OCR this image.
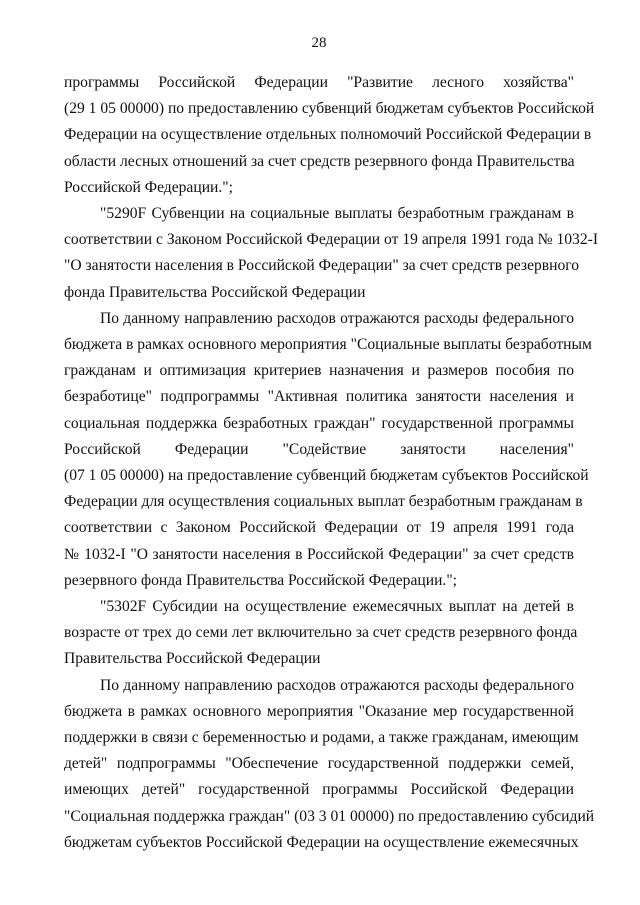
28

программы Российской Федерации "Развитие лесного хозяйства"
(29 1 05 00000) по предоставлению субвенций бюджетам субъектов Российской
Федерации на осуществление отдельных полномочий Российской Федерации в
области лесных отношений за счет средств резервного фонда Правительства
Российской Федерации.";

"5290F Субвенции на социальные выплаты безработным гражданам в
соответствии с Законом Российской Федерации от 19 апреля 1991 года № 1032-I
"О занятости населения в Российской Федерации" за счет средств резервного
фонда Правительства Российской Федерации

По данному направлению расходов отражаются расходы федерального
бюджета в рамках основного мероприятия "Социальные выплаты безработным
гражданам и оптимизация критериев назначения и размеров пособия по
безработице" подпрограммы "Активная политика занятости населения и
социальная поддержка безработных граждан" государственной программы
Российской Федерации "Содействие занятости населения"
(07 1 05 00000) на предоставление субвенций бюджетам субъектов Российской
Федерации для осуществления социальных выплат безработным гражданам в
соответствии с Законом Российской Федерации от 19 апреля 1991 года
№ 1032-I "О занятости населения в Российской Федерации" за счет средств
резервного фонда Правительства Российской Федерации.";

"5302F Субсидии на осуществление ежемесячных выплат на детей в
возрасте от трех до семи лет включительно за счет средств резервного фонда
Правительства Российской Федерации

По данному направлению расходов отражаются расходы федерального
бюджета в рамках основного мероприятия "Оказание мер государственной
поддержки в связи с беременностью и родами, а также гражданам, имеющим
детей" подпрограммы "Обеспечение государственной поддержки семей,
имеющих детей" государственной программы Российской Федерации
"Социальная поддержка граждан" (03 3 01 00000) по предоставлению субсидий
бюджетам субъектов Российской Федерации на осуществление ежемесячных
